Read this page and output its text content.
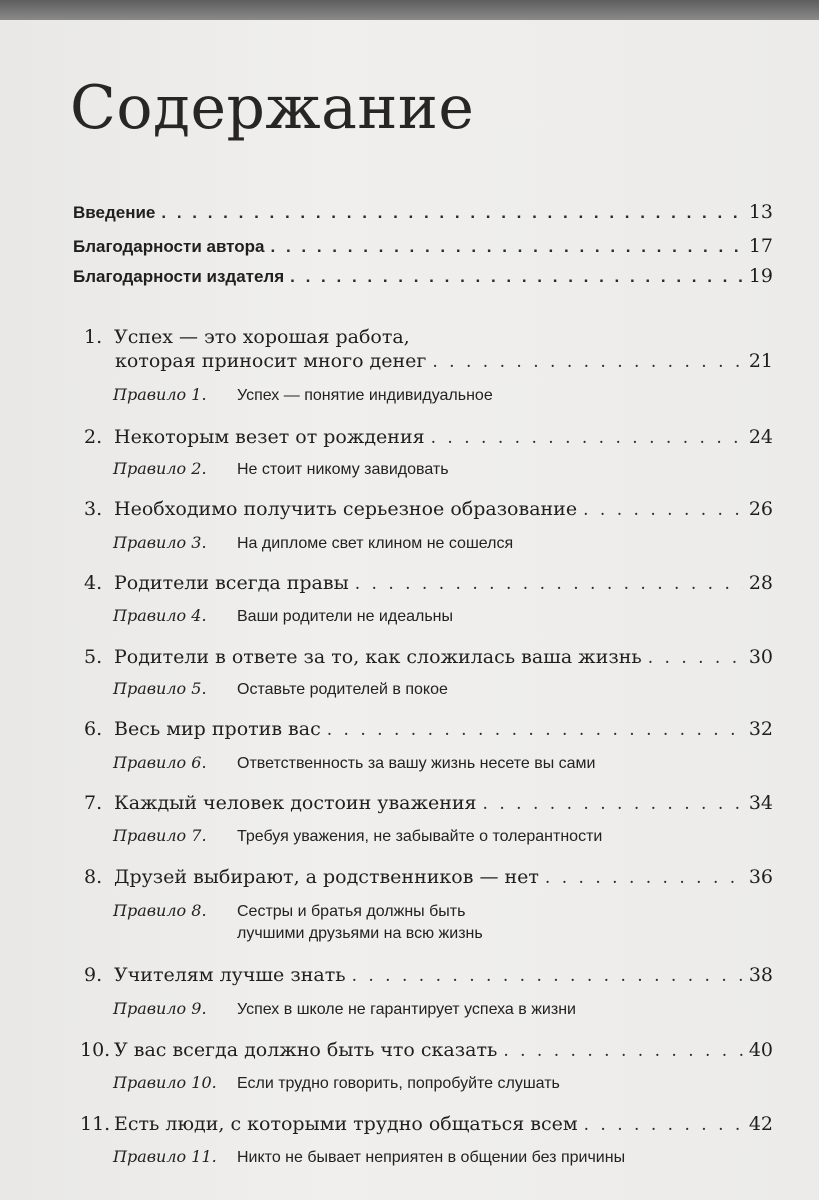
Содержание
Введение . . .	13
Благодарности автора . . .	17
Благодарности издателя . . .	19
1. Успех — это хорошая работа,
которая приносит много денег . . .	21
Правило 1. Успех — понятие индивидуальное
2. Некоторым везет от рождения . . .	24
Правило 2. Не стоит никому завидовать
3. Необходимо получить серьезное образование . . .	26
Правило 3. На дипломе свет клином не сошелся
4. Родители всегда правы . . .	28
Правило 4. Ваши родители не идеальны
5. Родители в ответе за то, как сложилась ваша жизнь . . .	30
Правило 5. Оставьте родителей в покое
6. Весь мир против вас . . .	32
Правило 6. Ответственность за вашу жизнь несете вы сами
7. Каждый человек достоин уважения . . .	34
Правило 7. Требуя уважения, не забывайте о толерантности
8. Друзей выбирают, а родственников — нет . . .	36
Правило 8. Сестры и братья должны быть
лучшими друзьями на всю жизнь
9. Учителям лучше знать . . .	38
Правило 9. Успех в школе не гарантирует успеха в жизни
10. У вас всегда должно быть что сказать . . .	40
Правило 10. Если трудно говорить, попробуйте слушать
11. Есть люди, с которыми трудно общаться всем . . .	42
Правило 11. Никто не бывает неприятен в общении без причины
